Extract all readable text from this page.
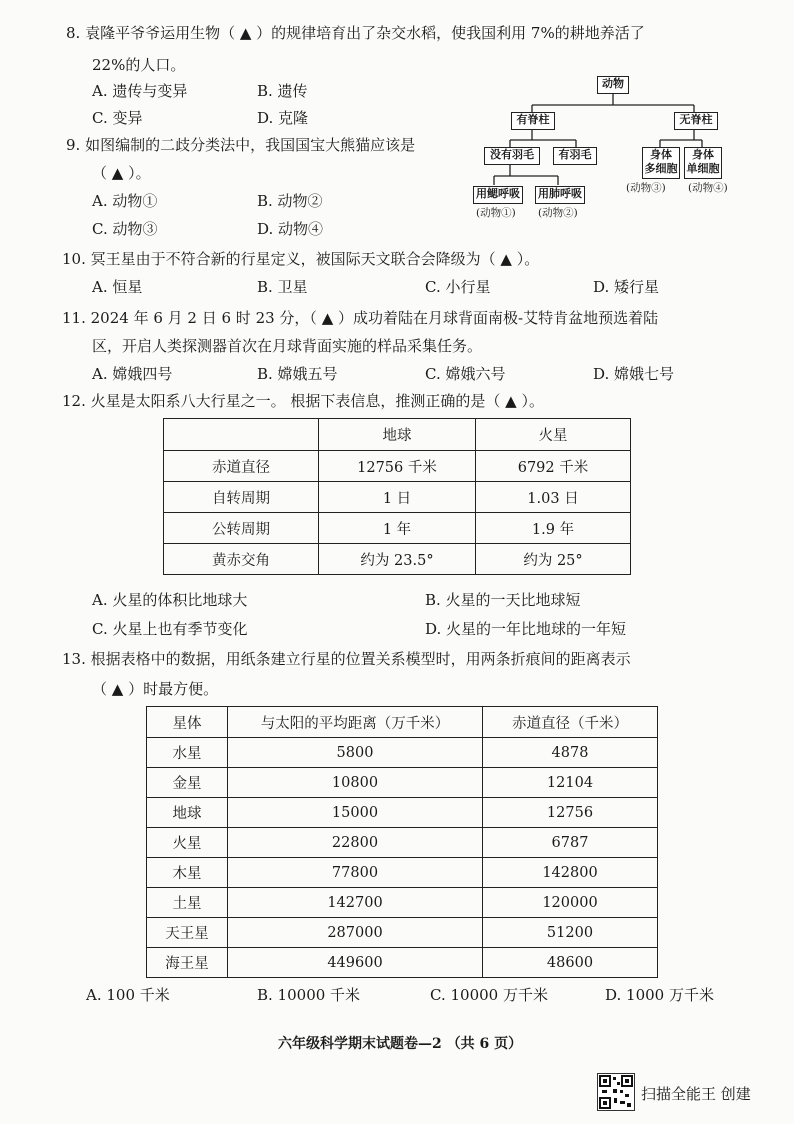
8. 袁隆平爷爷运用生物（ ▲ ）的规律培育出了杂交水稻，使我国利用 7%的耕地养活了
22%的人口。
A. 遗传与变异	B. 遗传
C. 变异	D. 克隆
9. 如图编制的二歧分类法中，我国国宝大熊猫应该是
（ ▲ ）。
A. 动物①	B. 动物②
C. 动物③	D. 动物④
动物
有脊柱	无脊柱
没有羽毛	有羽毛	身体
多细胞
身体
单细胞
用鳃呼吸 用肺呼吸
(动物①) (动物②)
(动物③) (动物④)
10. 冥王星由于不符合新的行星定义，被国际天文联合会降级为（ ▲ ）。
A. 恒星	B. 卫星	C. 小行星	D. 矮行星
11. 2024 年 6 月 2 日 6 时 23 分，（ ▲ ）成功着陆在月球背面南极-艾特肯盆地预选着陆
区，开启人类探测器首次在月球背面实施的样品采集任务。
A. 嫦娥四号	B. 嫦娥五号	C. 嫦娥六号	D. 嫦娥七号
12. 火星是太阳系八大行星之一。 根据下表信息，推测正确的是（ ▲ ）。
	地球	火星
赤道直径	12756 千米	6792 千米
自转周期	1 日	1.03 日
公转周期	1 年	1.9 年
黄赤交角	约为 23.5°	约为 25°
A. 火星的体积比地球大	B. 火星的一天比地球短
C. 火星上也有季节变化	D. 火星的一年比地球的一年短
13. 根据表格中的数据，用纸条建立行星的位置关系模型时，用两条折痕间的距离表示
（ ▲ ）时最方便。
星体	与太阳的平均距离（万千米）	赤道直径（千米）
水星	5800	4878
金星	10800	12104
地球	15000	12756
火星	22800	6787
木星	77800	142800
土星	142700	120000
天王星	287000	51200
海王星	449600	48600
A. 100 千米	B. 10000 千米	C. 10000 万千米	D. 1000 万千米
六年级科学期末试题卷—2 （共 6 页）
扫描全能王 创建
